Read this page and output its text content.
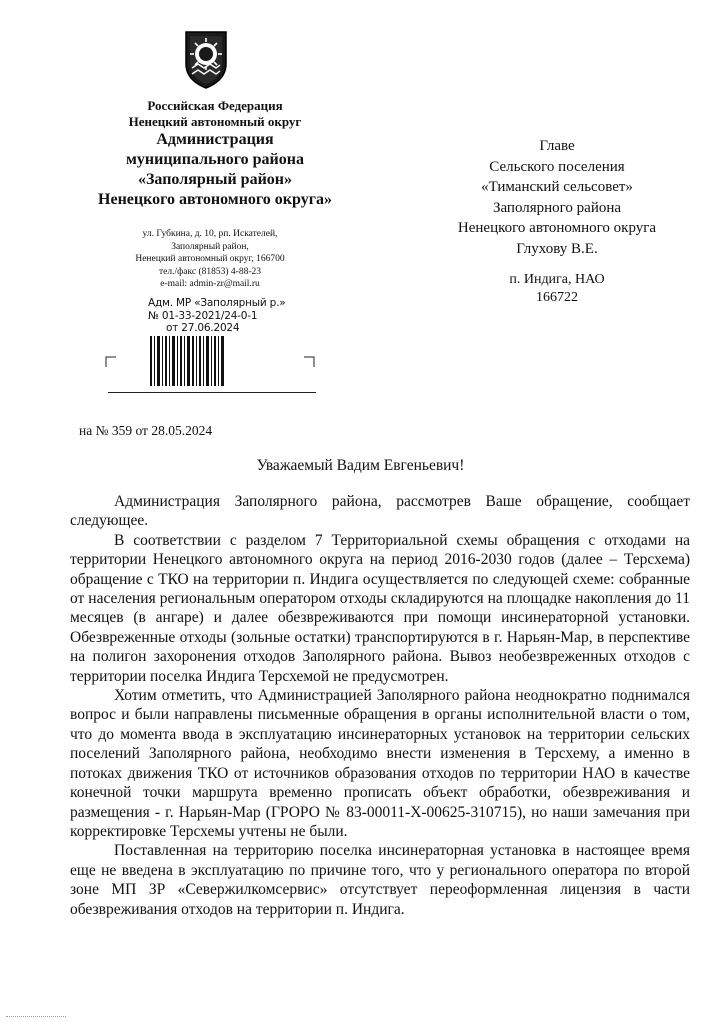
Российская Федерация
Ненецкий автономный округ
Администрация
муниципального района
«Заполярный район»
Ненецкого автономного округа»
ул. Губкина, д. 10, рп. Искателей,
Заполярный район,
Ненецкий автономный округ, 166700
тел./факс (81853) 4-88-23
e-mail: admin-zr@mail.ru
Адм. МР «Заполярный р.»
№ 01-33-2021/24-0-1
от 27.06.2024
на № 359 от 28.05.2024
Главе
Сельского поселения
«Тиманский сельсовет»
Заполярного района
Ненецкого автономного округа
Глухову В.Е.
п. Индига, НАО
166722
Уважаемый Вадим Евгеньевич!

Администрация Заполярного района, рассмотрев Ваше обращение, сообщает следующее.

В соответствии с разделом 7 Территориальной схемы обращения с отходами на территории Ненецкого автономного округа на период 2016-2030 годов (далее – Терсхема) обращение с ТКО на территории п. Индига осуществляется по следующей схеме: собранные от населения региональным оператором отходы складируются на площадке накопления до 11 месяцев (в ангаре) и далее обезвреживаются при помощи инсинераторной установки. Обезвреженные отходы (зольные остатки) транспортируются в г. Нарьян-Мар, в перспективе на полигон захоронения отходов Заполярного района. Вывоз необезвреженных отходов с территории поселка Индига Терсхемой не предусмотрен.

Хотим отметить, что Администрацией Заполярного района неоднократно поднимался вопрос и были направлены письменные обращения в органы исполнительной власти о том, что до момента ввода в эксплуатацию инсинераторных установок на территории сельских поселений Заполярного района, необходимо внести изменения в Терсхему, а именно в потоках движения ТКО от источников образования отходов по территории НАО в качестве конечной точки маршрута временно прописать объект обработки, обезвреживания и размещения - г. Нарьян-Мар (ГРОРО № 83-00011-Х-00625-310715), но наши замечания при корректировке Терсхемы учтены не были.

Поставленная на территорию поселка инсинераторная установка в настоящее время еще не введена в эксплуатацию по причине того, что у регионального оператора по второй зоне МП ЗР «Севержилкомсервис» отсутствует переоформленная лицензия в части обезвреживания отходов на территории п. Индига.
